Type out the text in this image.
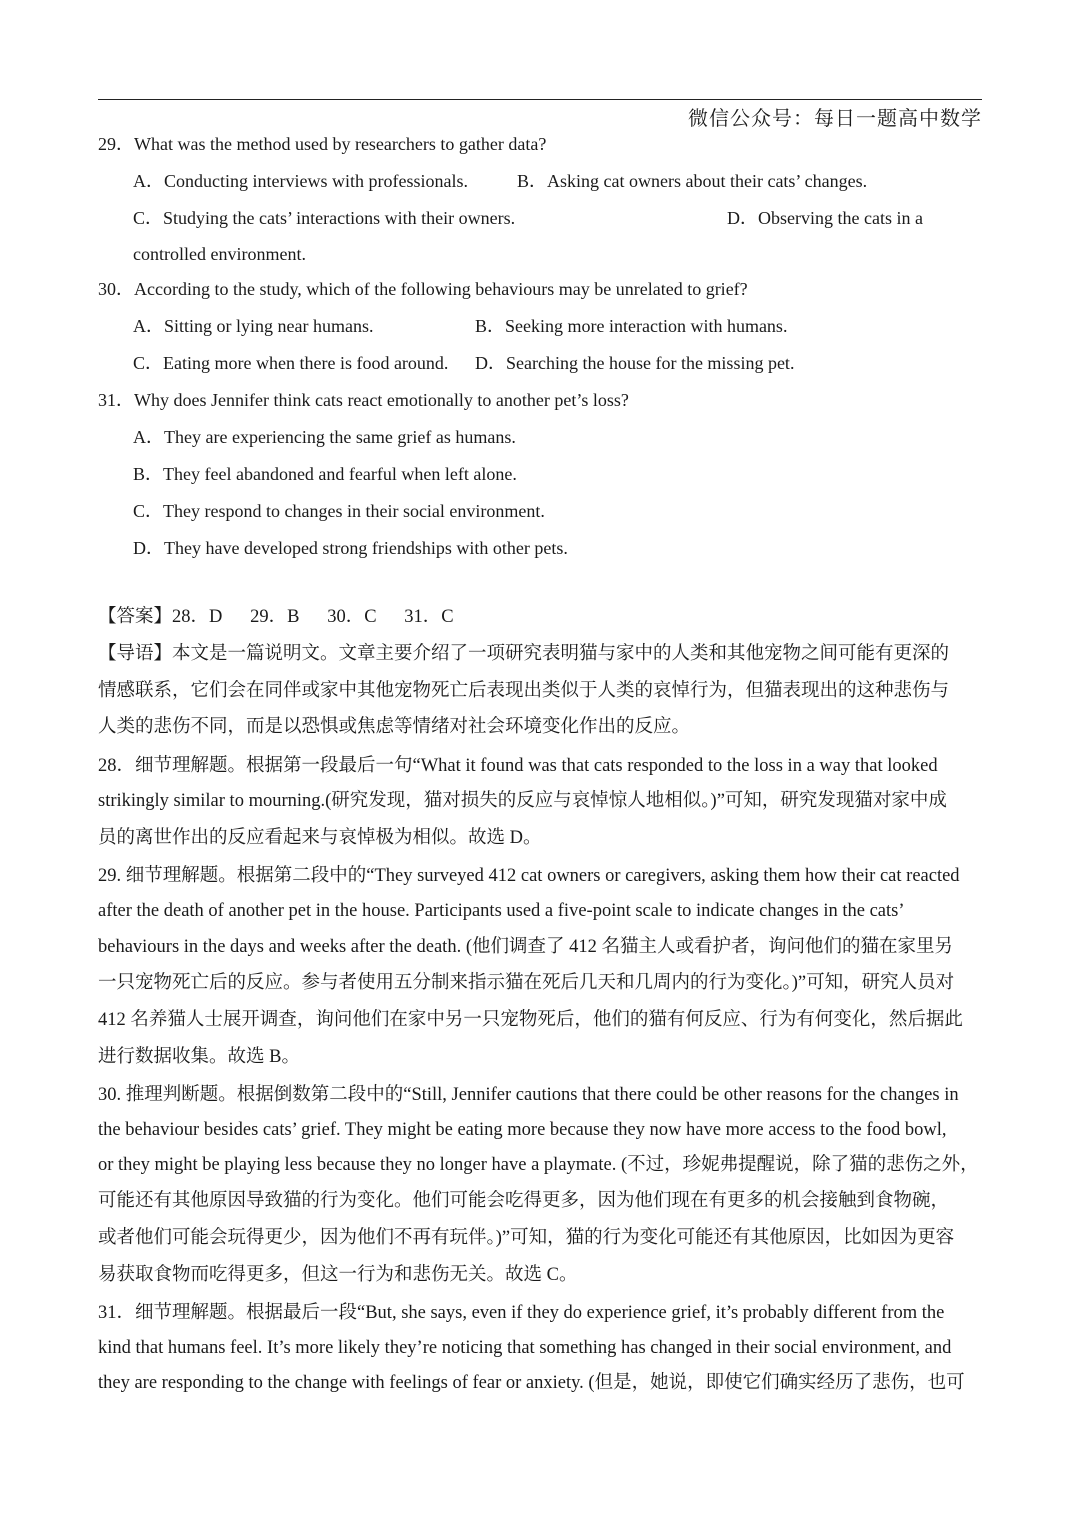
微信公众号：每日一题高中数学
29．What was the method used by researchers to gather data?
A．Conducting interviews with professionals.	B．Asking cat owners about their cats’ changes.
C．Studying the cats’ interactions with their owners.	D．Observing the cats in a
controlled environment.
30．According to the study, which of the following behaviours may be unrelated to grief?
A．Sitting or lying near humans.	B．Seeking more interaction with humans.
C．Eating more when there is food around. D．Searching the house for the missing pet.
31．Why does Jennifer think cats react emotionally to another pet’s loss?
A．They are experiencing the same grief as humans.
B．They feel abandoned and fearful when left alone.
C．They respond to changes in their social environment.
D．They have developed strong friendships with other pets.
【答案】28．D      29．B      30．C      31．C
【导语】本文是一篇说明文。文章主要介绍了一项研究表明猫与家中的人类和其他宠物之间可能有更深的
情感联系，它们会在同伴或家中其他宠物死亡后表现出类似于人类的哀悼行为，但猫表现出的这种悲伤与
人类的悲伤不同，而是以恐惧或焦虑等情绪对社会环境变化作出的反应。
28．细节理解题。根据第一段最后一句“What it found was that cats responded to the loss in a way that looked
strikingly similar to mourning.(研究发现，猫对损失的反应与哀悼惊人地相似。)”可知，研究发现猫对家中成
员的离世作出的反应看起来与哀悼极为相似。故选 D。
29. 细节理解题。根据第二段中的“They surveyed 412 cat owners or caregivers, asking them how their cat reacted
after the death of another pet in the house. Participants used a five-point scale to indicate changes in the cats’
behaviours in the days and weeks after the death. (他们调查了 412 名猫主人或看护者，询问他们的猫在家里另
一只宠物死亡后的反应。参与者使用五分制来指示猫在死后几天和几周内的行为变化。)”可知，研究人员对
412 名养猫人士展开调查，询问他们在家中另一只宠物死后，他们的猫有何反应、行为有何变化，然后据此
进行数据收集。故选 B。
30. 推理判断题。根据倒数第二段中的“Still, Jennifer cautions that there could be other reasons for the changes in
the behaviour besides cats’ grief. They might be eating more because they now have more access to the food bowl,
or they might be playing less because they no longer have a playmate. (不过，珍妮弗提醒说，除了猫的悲伤之外，
可能还有其他原因导致猫的行为变化。他们可能会吃得更多，因为他们现在有更多的机会接触到食物碗，
或者他们可能会玩得更少，因为他们不再有玩伴。)”可知，猫的行为变化可能还有其他原因，比如因为更容
易获取食物而吃得更多，但这一行为和悲伤无关。故选 C。
31．细节理解题。根据最后一段“But, she says, even if they do experience grief, it’s probably different from the
kind that humans feel. It’s more likely they’re noticing that something has changed in their social environment, and
they are responding to the change with feelings of fear or anxiety. (但是，她说，即使它们确实经历了悲伤，也可
